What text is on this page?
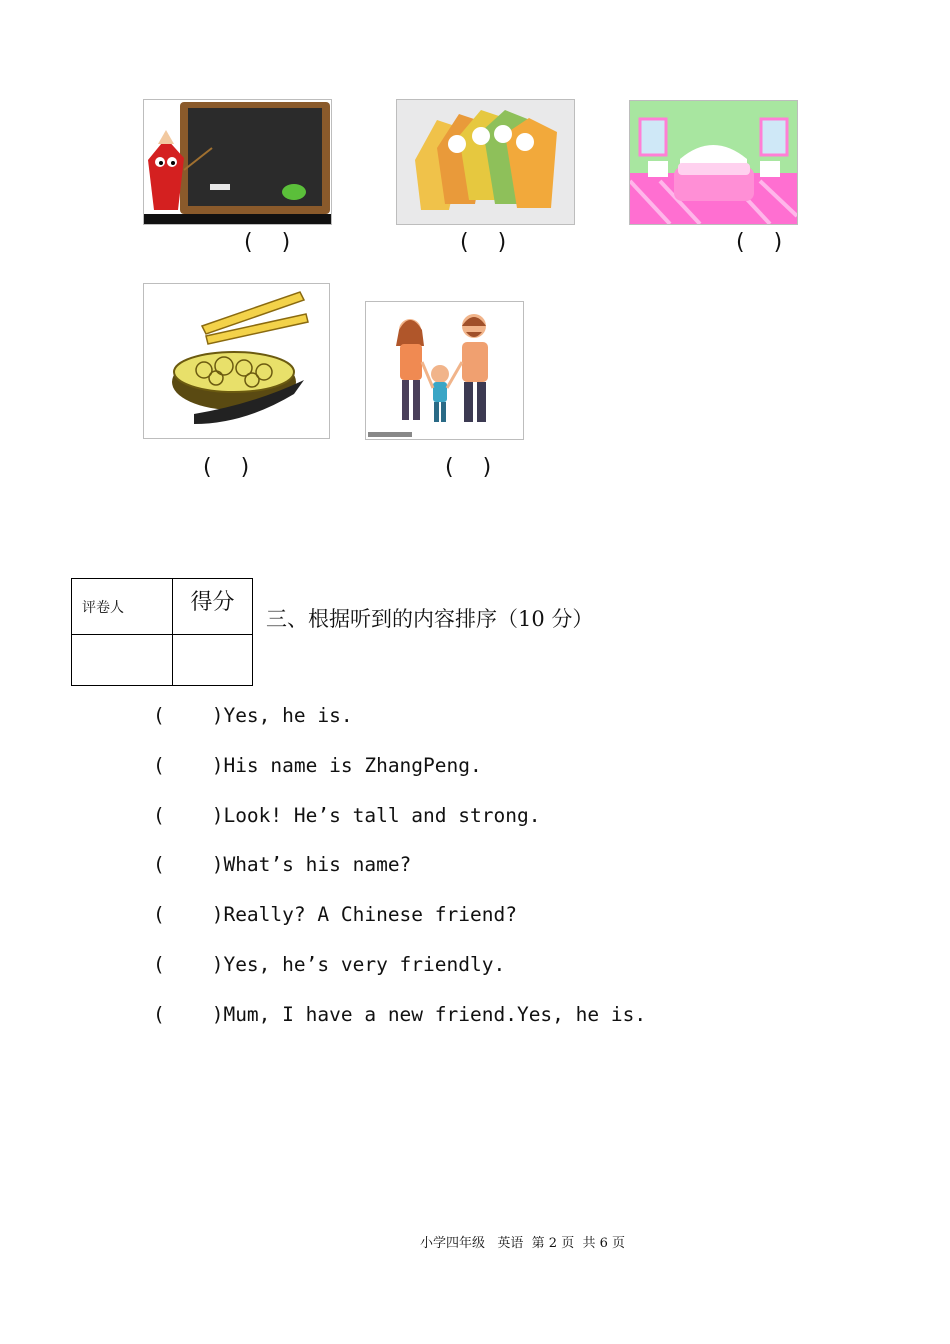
(   )	(   )	(   )
(   )	(   )
评卷人	得分

三、根据听到的内容排序（10 分）
(    ) Yes, he is.
(    ) His name is ZhangPeng.
(    ) Look! He’s tall and strong.
(    ) What’s his name?
(    ) Really? A Chinese friend?
(    ) Yes, he’s very friendly.
(    ) Mum, I have a new friend.Yes, he is.
小学四年级   英语  第 2 页  共 6 页
